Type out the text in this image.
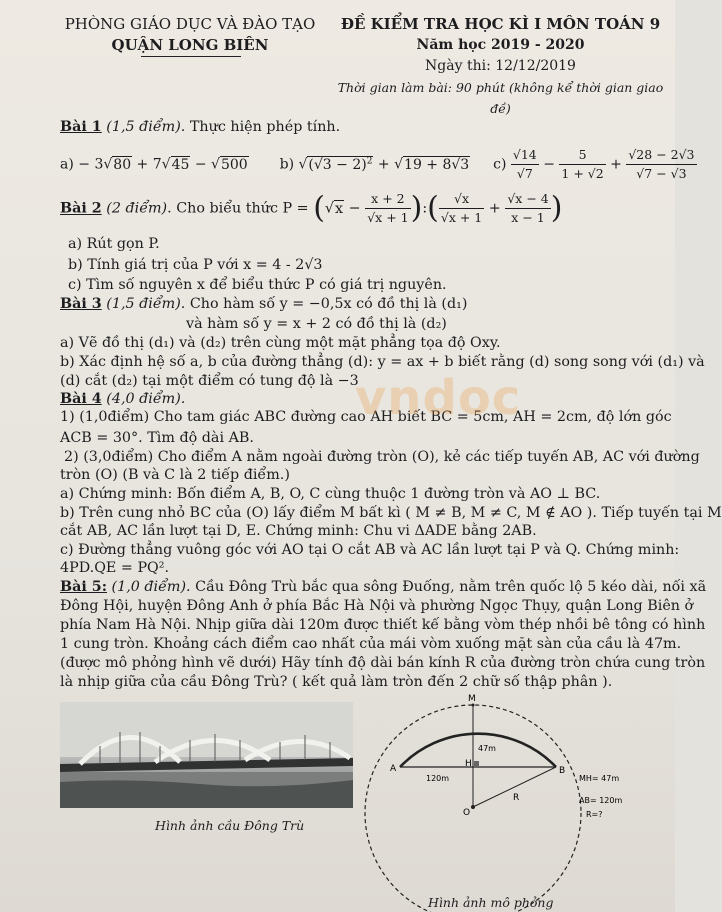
PHÒNG GIÁO DỤC VÀ ĐÀO TẠO
QUẬN LONG BIÊN
ĐỀ KIỂM TRA HỌC KÌ I MÔN TOÁN 9
Năm học 2019 - 2020
Ngày thi: 12/12/2019
Thời gian làm bài: 90 phút (không kể thời gian giao đề)
Bài 1 (1,5 điểm). Thực hiện phép tính.
a) − 3√80 + 7√45 − √500 b) $√(√3 - 2)^2 + √19 + 8√3$ $c) \frac{√14}{√7} - \frac{5}{1 + √2} + \frac{√28 - 2√3}{√7 - √3}$
Bài 2 (2 điểm). Cho biểu thức $P = (√x - \frac{x + 2}{√x + 1}$ ):( $\frac{√x}{√x + 1} + \frac{√x - 4}{x - 1}$ )
a) Rút gọn P.
b) Tính giá trị của P với x = 4 - 2√3
c) Tìm số nguyên x để biểu thức P có giá trị nguyên.
Bài 3 (1,5 điểm). Cho hàm số y = −0,5x có đồ thị là (d₁)
và hàm số y = x + 2 có đồ thị là (d₂)
a) Vẽ đồ thị (d₁) và (d₂) trên cùng một mặt phẳng tọa độ Oxy.
b) Xác định hệ số a, b của đường thẳng (d): y = ax + b biết rằng (d) song song với (d₁) và
(d) cắt (d₂) tại một điểm có tung độ là −3
Bài 4 (4,0 điểm).
1) (1,0điểm) Cho tam giác ABC đường cao AH biết BC = 5cm, AH = 2cm, độ lớn góc
ACB = 30°. Tìm độ dài AB.
2) (3,0điểm) Cho điểm A nằm ngoài đường tròn (O), kẻ các tiếp tuyến AB, AC với đường
tròn (O) (B và C là 2 tiếp điểm.)
a) Chứng minh: Bốn điểm A, B, O, C cùng thuộc 1 đường tròn và AO ⊥ BC.
b) Trên cung nhỏ BC của (O) lấy điểm M bất kì ( M ≠ B, M ≠ C, M ∉ AO ). Tiếp tuyến tại M
cắt AB, AC lần lượt tại D, E. Chứng minh: Chu vi ΔADE bằng 2AB.
c) Đường thẳng vuông góc với AO tại O cắt AB và AC lần lượt tại P và Q. Chứng minh:
4PD.QE = PQ².
Bài 5: (1,0 điểm). Cầu Đông Trù bắc qua sông Đuống, nằm trên quốc lộ 5 kéo dài, nối xã
Đông Hội, huyện Đông Anh ở phía Bắc Hà Nội và phường Ngọc Thụy, quận Long Biên ở
phía Nam Hà Nội. Nhịp giữa dài 120m được thiết kế bằng vòm thép nhồi bê tông có hình
1 cung tròn. Khoảng cách điểm cao nhất của mái vòm xuống mặt sàn của cầu là 47m.
(được mô phỏng hình vẽ dưới) Hãy tính độ dài bán kính R của đường tròn chứa cung tròn
là nhịp giữa của cầu Đông Trù? ( kết quả làm tròn đến 2 chữ số thập phân ).
Hình ảnh cầu Đông Trù
M
A	B
H
O
47m
120m
R
MH= 47m
AB= 120m
R=?
Hình ảnh mô phỏng
vndoc
